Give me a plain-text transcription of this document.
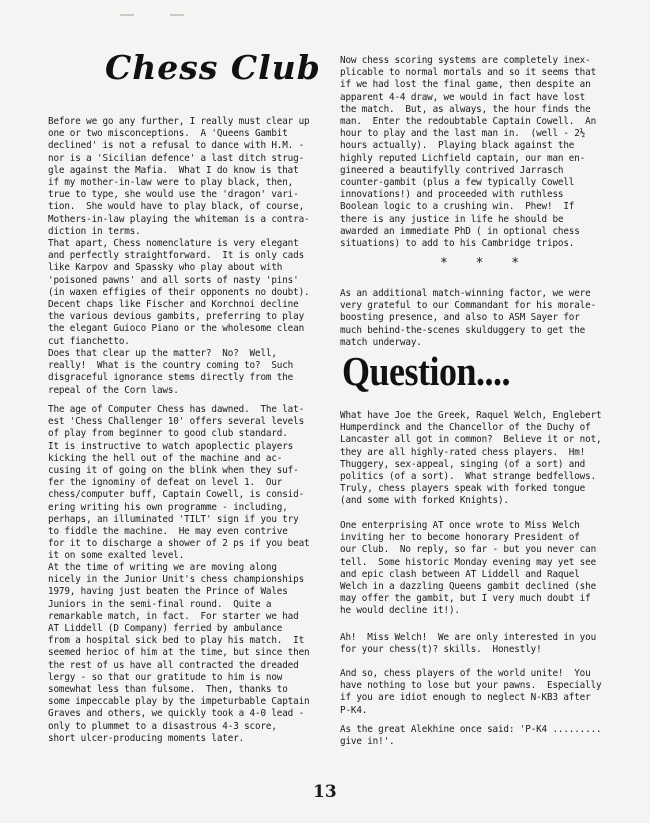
Chess Club

Before we go any further, I really must clear up
one or two misconceptions.  A 'Queens Gambit
declined' is not a refusal to dance with H.M. -
nor is a 'Sicilian defence' a last ditch strug-
gle against the Mafia.  What I do know is that
if my mother-in-law were to play black, then,
true to type, she would use the 'dragon' vari-
tion.  She would have to play black, of course,
Mothers-in-law playing the whiteman is a contra-
diction in terms.

That apart, Chess nomenclature is very elegant
and perfectly straightforward.  It is only cads
like Karpov and Spassky who play about with
'poisoned pawns' and all sorts of nasty 'pins'
(in waxen effigies of their opponents no doubt).
Decent chaps like Fischer and Korchnoi decline
the various devious gambits, preferring to play
the elegant Guioco Piano or the wholesome clean
cut fianchetto.

Does that clear up the matter?  No?  Well,
really!  What is the country coming to?  Such
disgraceful ignorance stems directly from the
repeal of the Corn laws.

The age of Computer Chess has dawned.  The lat-
est 'Chess Challenger 10' offers several levels
of play from beginner to good club standard.
It is instructive to watch apoplectic players
kicking the hell out of the machine and ac-
cusing it of going on the blink when they suf-
fer the ignominy of defeat on level 1.  Our
chess/computer buff, Captain Cowell, is consid-
ering writing his own programme - including,
perhaps, an illuminated 'TILT' sign if you try
to fiddle the machine.  He may even contrive
for it to discharge a shower of 2 ps if you beat
it on some exalted level.

At the time of writing we are moving along
nicely in the Junior Unit's chess championships
1979, having just beaten the Prince of Wales
Juniors in the semi-final round.  Quite a
remarkable match, in fact.  For starter we had
AT Liddell (D Company) ferried by ambulance
from a hospital sick bed to play his match.  It
seemed herioc of him at the time, but since then
the rest of us have all contracted the dreaded
lergy - so that our gratitude to him is now
somewhat less than fulsome.  Then, thanks to
some impeccable play by the impeturbable Captain
Graves and others, we quickly took a 4-0 lead -
only to plummet to a disastrous 4-3 score,
short ulcer-producing moments later.

Now chess scoring systems are completely inex-
plicable to normal mortals and so it seems that
if we had lost the final game, then despite an
apparent 4-4 draw, we would in fact have lost
the match.  But, as always, the hour finds the
man.  Enter the redoubtable Captain Cowell.  An
hour to play and the last man in.  (well - 2½
hours actually).  Playing black against the
highly reputed Lichfield captain, our man en-
gineered a beautifylly contrived Jarrasch
counter-gambit (plus a few typically Cowell
innovations!) and proceeded with ruthless
Boolean logic to a crushing win.  Phew!  If
there is any justice in life he should be
awarded an immediate PhD ( in optional chess
situations) to add to his Cambridge tripos.

As an additional match-winning factor, we were
very grateful to our Commandant for his morale-
boosting presence, and also to ASM Sayer for
much behind-the-scenes skulduggery to get the
match underway.

What have Joe the Greek, Raquel Welch, Englebert
Humperdinck and the Chancellor of the Duchy of
Lancaster all got in common?  Believe it or not,
they are all highly-rated chess players.  Hm!
Thuggery, sex-appeal, singing (of a sort) and
politics (of a sort).  What strange bedfellows.
Truly, chess players speak with forked tongue
(and some with forked Knights).

One enterprising AT once wrote to Miss Welch
inviting her to become honorary President of
our Club.  No reply, so far - but you never can
tell.  Some historic Monday evening may yet see
and epic clash between AT Liddell and Raquel
Welch in a dazzling Queens gambit declined (she
may offer the gambit, but I very much doubt if
he would decline it!).

Ah!  Miss Welch!  We are only interested in you
for your chess(t)? skills.  Honestly!

And so, chess players of the world unite!  You
have nothing to lose but your pawns.  Especially
if you are idiot enough to neglect N-KB3 after
P-K4.

As the great Alekhine once said: 'P-K4 .........
give in!'.

* * *
Question....
13
